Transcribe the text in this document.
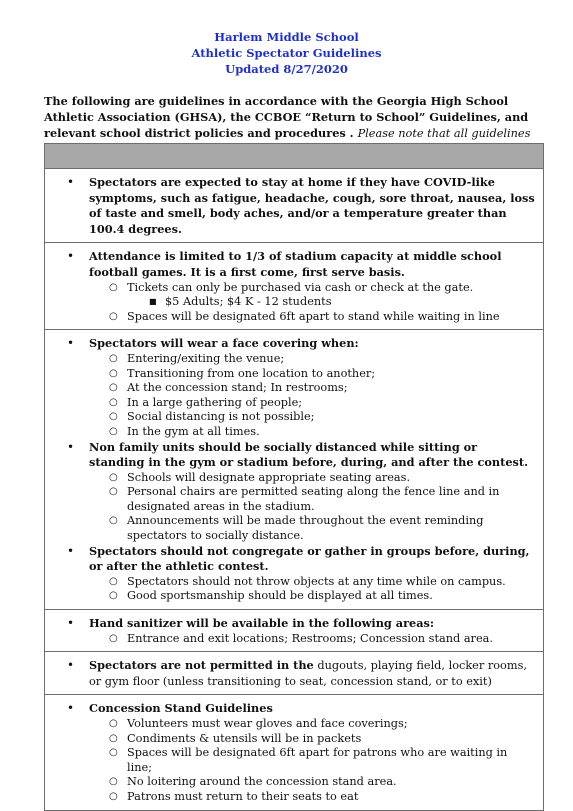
Harlem Middle School
Athletic Spectator Guidelines
Updated 8/27/2020
The following are guidelines in accordance with the Georgia High School Athletic Association (GHSA), the CCBOE “Return to School” Guidelines, and relevant school district policies and procedures . Please note that all guidelines

• Spectators are expected to stay at home if they have COVID-like symptoms, such as fatigue, headache, cough, sore throat, nausea, loss of taste and smell, body aches, and/or a temperature greater than 100.4 degrees.

• Attendance is limited to 1/3 of stadium capacity at middle school football games. It is a first come, first serve basis.
○ Tickets can only be purchased via cash or check at the gate.
■ $5 Adults; $4 K - 12 students
○ Spaces will be designated 6ft apart to stand while waiting in line

• Spectators will wear a face covering when:
○ Entering/exiting the venue;
○ Transitioning from one location to another;
○ At the concession stand; In restrooms;
○ In a large gathering of people;
○ Social distancing is not possible;
○ In the gym at all times.
• Non family units should be socially distanced while sitting or standing in the gym or stadium before, during, and after the contest.
○ Schools will designate appropriate seating areas.
○ Personal chairs are permitted seating along the fence line and in designated areas in the stadium.
○ Announcements will be made throughout the event reminding spectators to socially distance.
• Spectators should not congregate or gather in groups before, during, or after the athletic contest.
○ Spectators should not throw objects at any time while on campus.
○ Good sportsmanship should be displayed at all times.

• Hand sanitizer will be available in the following areas:
○ Entrance and exit locations; Restrooms; Concession stand area.

• Spectators are not permitted in the dugouts, playing field, locker rooms, or gym floor (unless transitioning to seat, concession stand, or to exit)

• Concession Stand Guidelines
○ Volunteers must wear gloves and face coverings;
○ Condiments & utensils will be in packets
○ Spaces will be designated 6ft apart for patrons who are waiting in line;
○ No loitering around the concession stand area.
○ Patrons must return to their seats to eat
